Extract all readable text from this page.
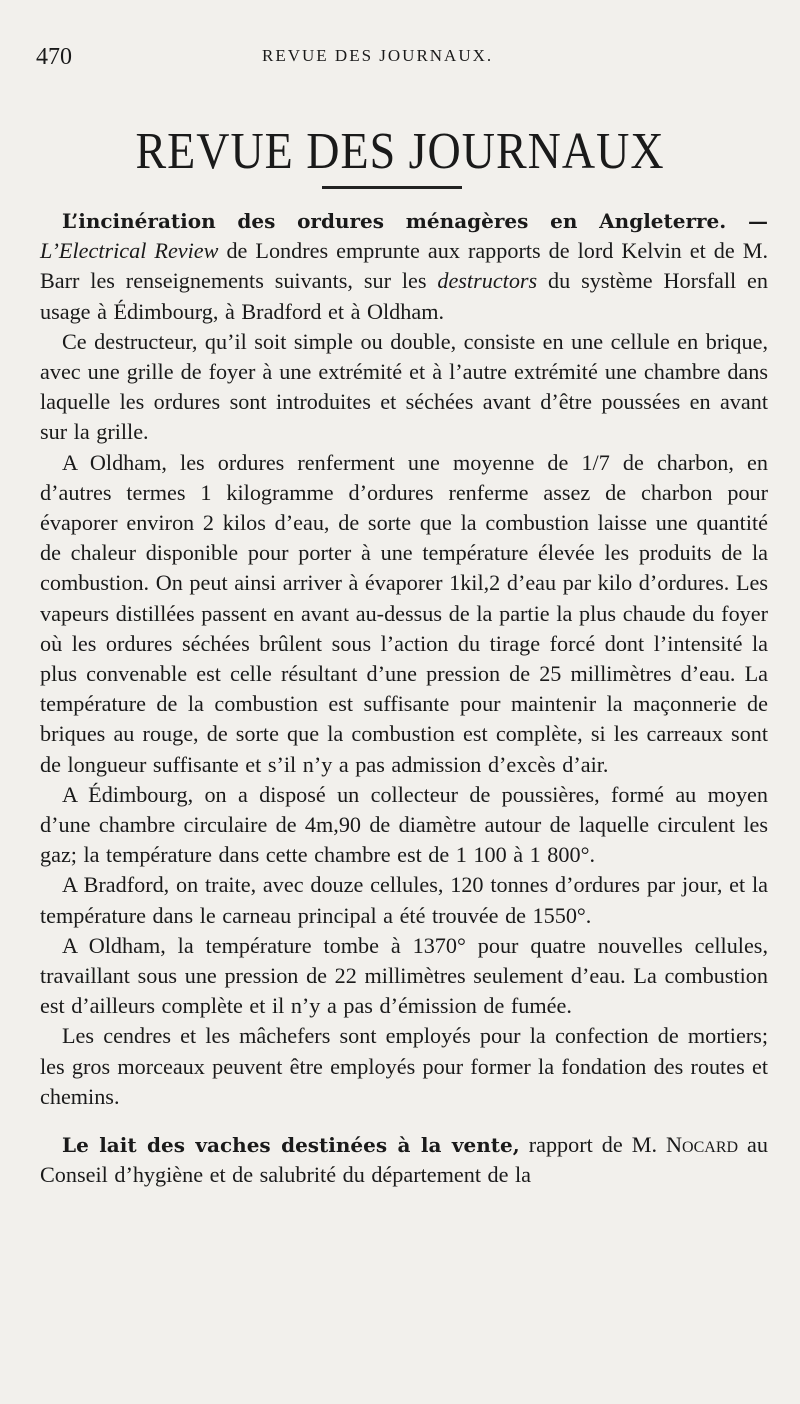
470	REVUE DES JOURNAUX.
REVUE DES JOURNAUX

L’incinération des ordures ménagères en Angleterre. — L’Electrical Review de Londres emprunte aux rapports de lord Kelvin et de M. Barr les renseignements suivants, sur les destructors du système Horsfall en usage à Édimbourg, à Bradford et à Oldham.

Ce destructeur, qu’il soit simple ou double, consiste en une cellule en brique, avec une grille de foyer à une extrémité et à l’autre extrémité une chambre dans laquelle les ordures sont introduites et séchées avant d’être poussées en avant sur la grille.

A Oldham, les ordures renferment une moyenne de 1/7 de charbon, en d’autres termes 1 kilogramme d’ordures renferme assez de charbon pour évaporer environ 2 kilos d’eau, de sorte que la combustion laisse une quantité de chaleur disponible pour porter à une température élevée les produits de la combustion. On peut ainsi arriver à évaporer 1kil,2 d’eau par kilo d’ordures. Les vapeurs distillées passent en avant au-dessus de la partie la plus chaude du foyer où les ordures séchées brûlent sous l’action du tirage forcé dont l’intensité la plus convenable est celle résultant d’une pression de 25 millimètres d’eau. La température de la combustion est suffisante pour maintenir la maçonnerie de briques au rouge, de sorte que la combustion est complète, si les carreaux sont de longueur suffisante et s’il n’y a pas admission d’excès d’air.

A Édimbourg, on a disposé un collecteur de poussières, formé au moyen d’une chambre circulaire de 4m,90 de diamètre autour de laquelle circulent les gaz; la température dans cette chambre est de 1 100 à 1 800°.

A Bradford, on traite, avec douze cellules, 120 tonnes d’ordures par jour, et la température dans le carneau principal a été trouvée de 1550°.

A Oldham, la température tombe à 1370° pour quatre nouvelles cellules, travaillant sous une pression de 22 millimètres seulement d’eau. La combustion est d’ailleurs complète et il n’y a pas d’émission de fumée.

Les cendres et les mâchefers sont employés pour la confection de mortiers; les gros morceaux peuvent être employés pour former la fondation des routes et chemins.

Le lait des vaches destinées à la vente, rapport de M. Nocard au Conseil d’hygiène et de salubrité du département de la
